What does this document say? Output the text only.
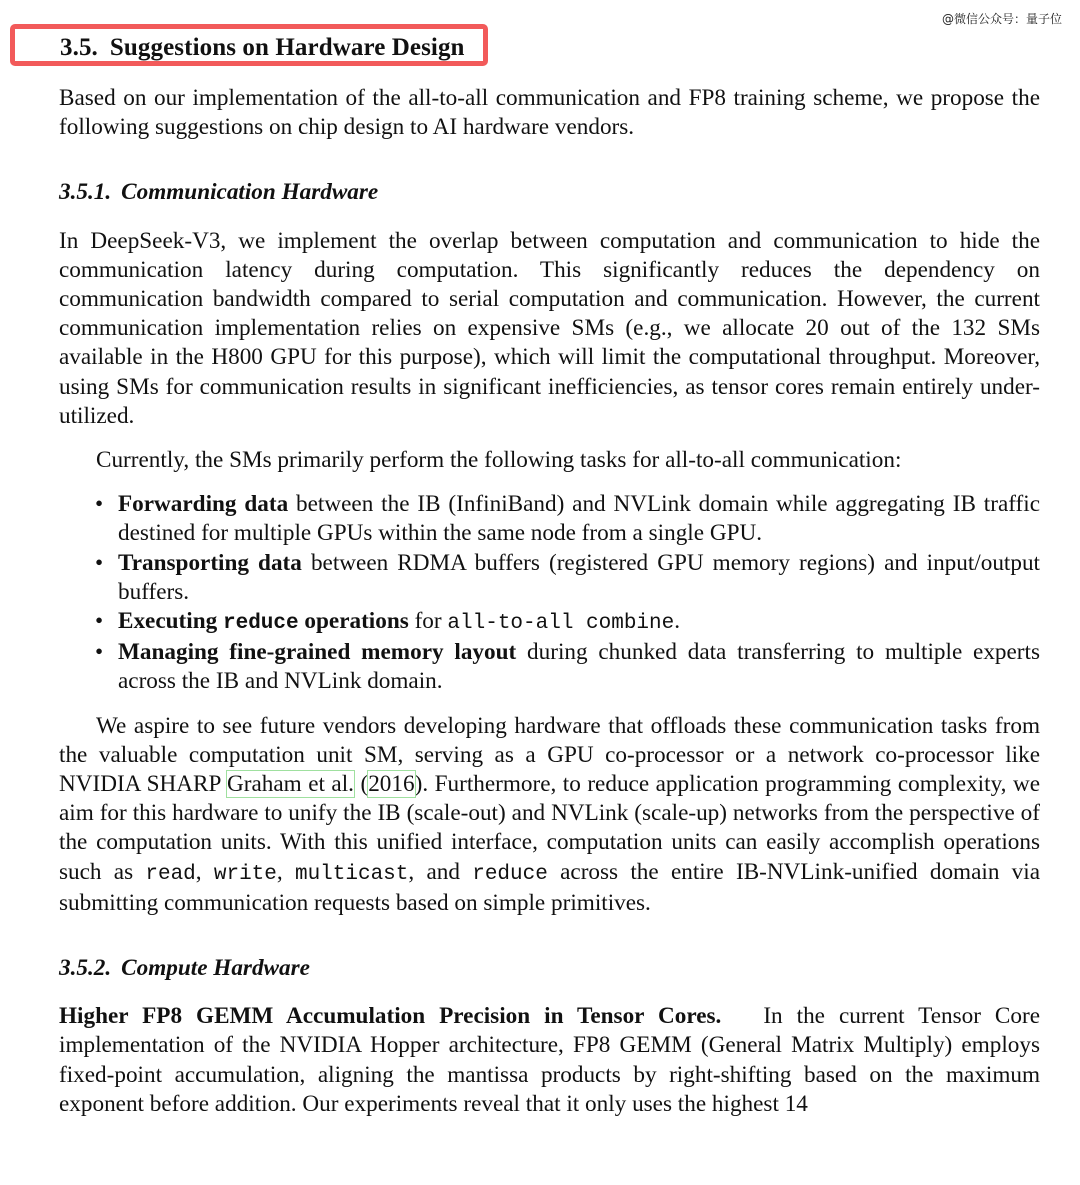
@微信公众号：量子位
3.5. Suggestions on Hardware Design

Based on our implementation of the all-to-all communication and FP8 training scheme, we propose the following suggestions on chip design to AI hardware vendors.

3.5.1. Communication Hardware

In DeepSeek-V3, we implement the overlap between computation and communication to hide the communication latency during computation. This significantly reduces the dependency on communication bandwidth compared to serial computation and communication. However, the current communication implementation relies on expensive SMs (e.g., we allocate 20 out of the 132 SMs available in the H800 GPU for this purpose), which will limit the computational throughput. Moreover, using SMs for communication results in significant inefficiencies, as tensor cores remain entirely under-utilized.

Currently, the SMs primarily perform the following tasks for all-to-all communication:

• Forwarding data between the IB (InfiniBand) and NVLink domain while aggregating IB traffic destined for multiple GPUs within the same node from a single GPU.
• Transporting data between RDMA buffers (registered GPU memory regions) and input/output buffers.
• Executing reduce operations for all-to-all combine.
• Managing fine-grained memory layout during chunked data transferring to multiple experts across the IB and NVLink domain.

We aspire to see future vendors developing hardware that offloads these communication tasks from the valuable computation unit SM, serving as a GPU co-processor or a network co-processor like NVIDIA SHARP Graham et al. (2016). Furthermore, to reduce application programming complexity, we aim for this hardware to unify the IB (scale-out) and NVLink (scale-up) networks from the perspective of the computation units. With this unified interface, computation units can easily accomplish operations such as read, write, multicast, and reduce across the entire IB-NVLink-unified domain via submitting communication requests based on simple primitives.

3.5.2. Compute Hardware

Higher FP8 GEMM Accumulation Precision in Tensor Cores. In the current Tensor Core implementation of the NVIDIA Hopper architecture, FP8 GEMM (General Matrix Multiply) employs fixed-point accumulation, aligning the mantissa products by right-shifting based on the maximum exponent before addition. Our experiments reveal that it only uses the highest 14
